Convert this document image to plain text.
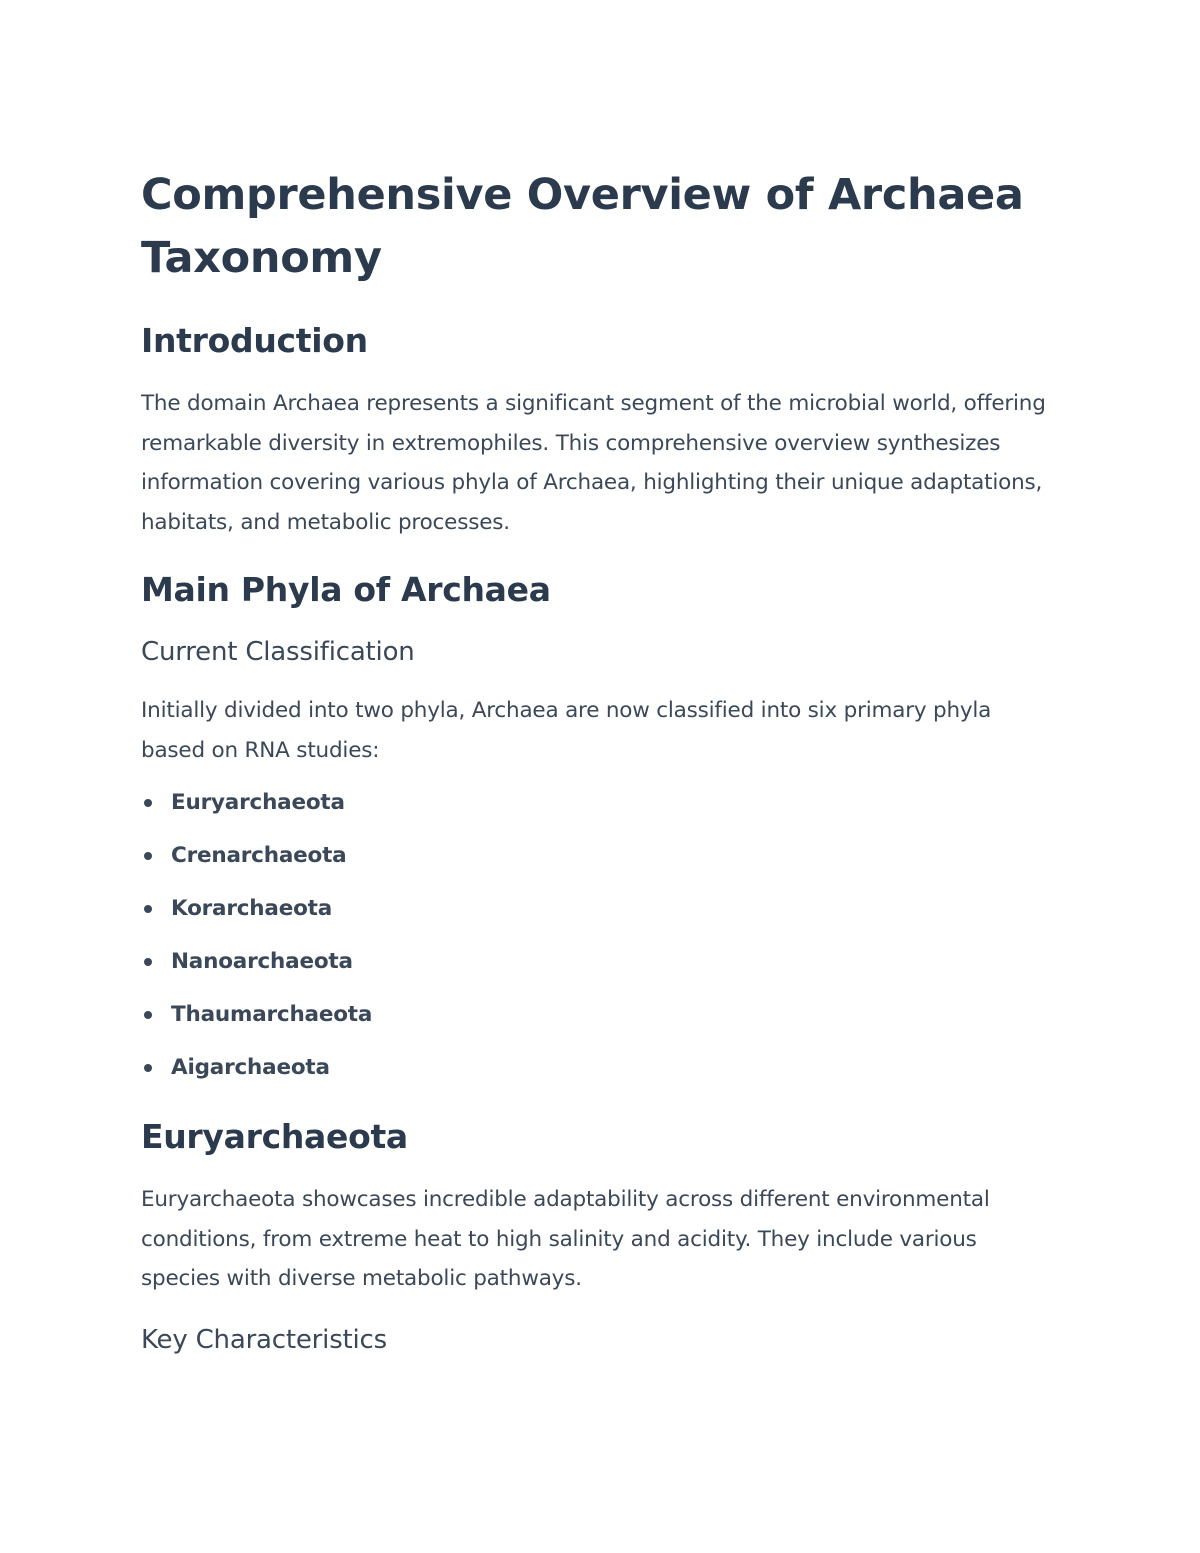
Comprehensive Overview of Archaea Taxonomy
Introduction

The domain Archaea represents a significant segment of the microbial world, offering remarkable diversity in extremophiles. This comprehensive overview synthesizes information covering various phyla of Archaea, highlighting their unique adaptations, habitats, and metabolic processes.

Main Phyla of Archaea
Current Classification

Initially divided into two phyla, Archaea are now classified into six primary phyla based on RNA studies:

Euryarchaeota
Crenarchaeota
Korarchaeota
Nanoarchaeota
Thaumarchaeota
Aigarchaeota
Euryarchaeota

Euryarchaeota showcases incredible adaptability across different environmental conditions, from extreme heat to high salinity and acidity. They include various species with diverse metabolic pathways.

Key Characteristics
